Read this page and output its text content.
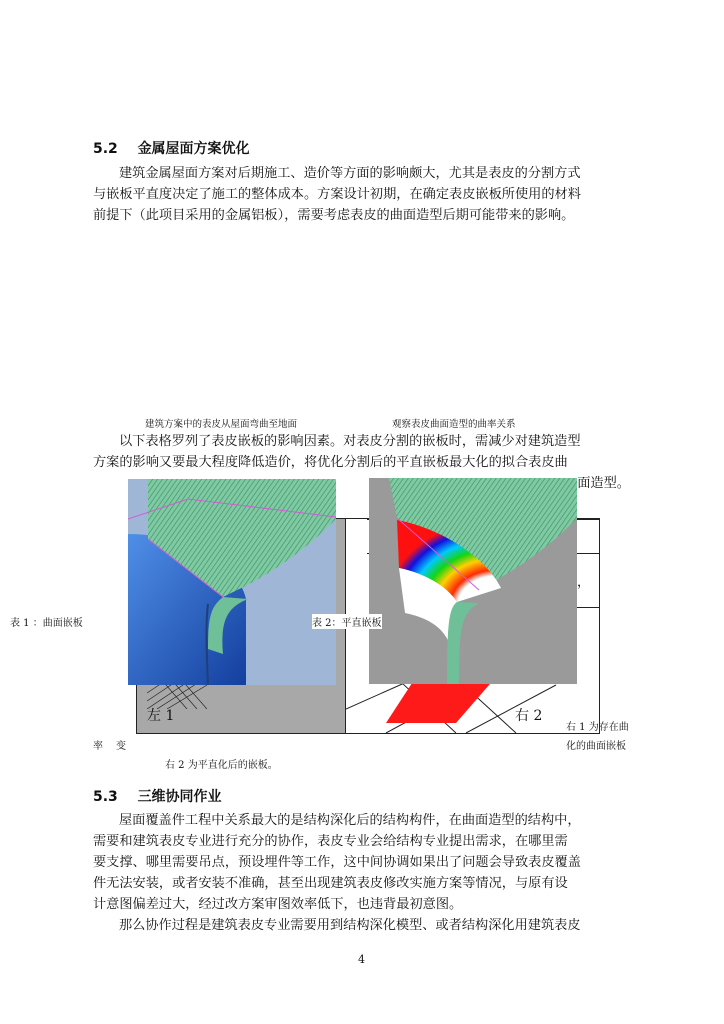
5.2 金属屋面方案优化
建筑金属屋面方案对后期施工、造价等方面的影响颇大，尤其是表皮的分割方式
与嵌板平直度决定了施工的整体成本。方案设计初期，在确定表皮嵌板所使用的材料
前提下（此项目采用的金属铝板），需要考虑表皮的曲面造型后期可能带来的影响。
建筑方案中的表皮从屋面弯曲至地面	观察表皮曲面造型的曲率关系
以下表格罗列了表皮嵌板的影响因素。对表皮分割的嵌板时，需减少对建筑造型
方案的影响又要最大程度降低造价，将优化分割后的平直嵌板最大化的拟合表皮曲
面造型。
左 1	右 2
，
表 1 ：曲面嵌板	表 2：平直嵌板
右 1 为存在曲
化的曲面嵌板
率 变
右 2 为平直化后的嵌板。
5.3 三维协同作业
屋面覆盖件工程中关系最大的是结构深化后的结构构件，在曲面造型的结构中，
需要和建筑表皮专业进行充分的协作，表皮专业会给结构专业提出需求，在哪里需
要支撑、哪里需要吊点，预设埋件等工作，这中间协调如果出了问题会导致表皮覆盖
件无法安装，或者安装不准确，甚至出现建筑表皮修改实施方案等情况，与原有设
计意图偏差过大，经过改方案审图效率低下，也违背最初意图。
那么协作过程是建筑表皮专业需要用到结构深化模型、或者结构深化用建筑表皮
4
